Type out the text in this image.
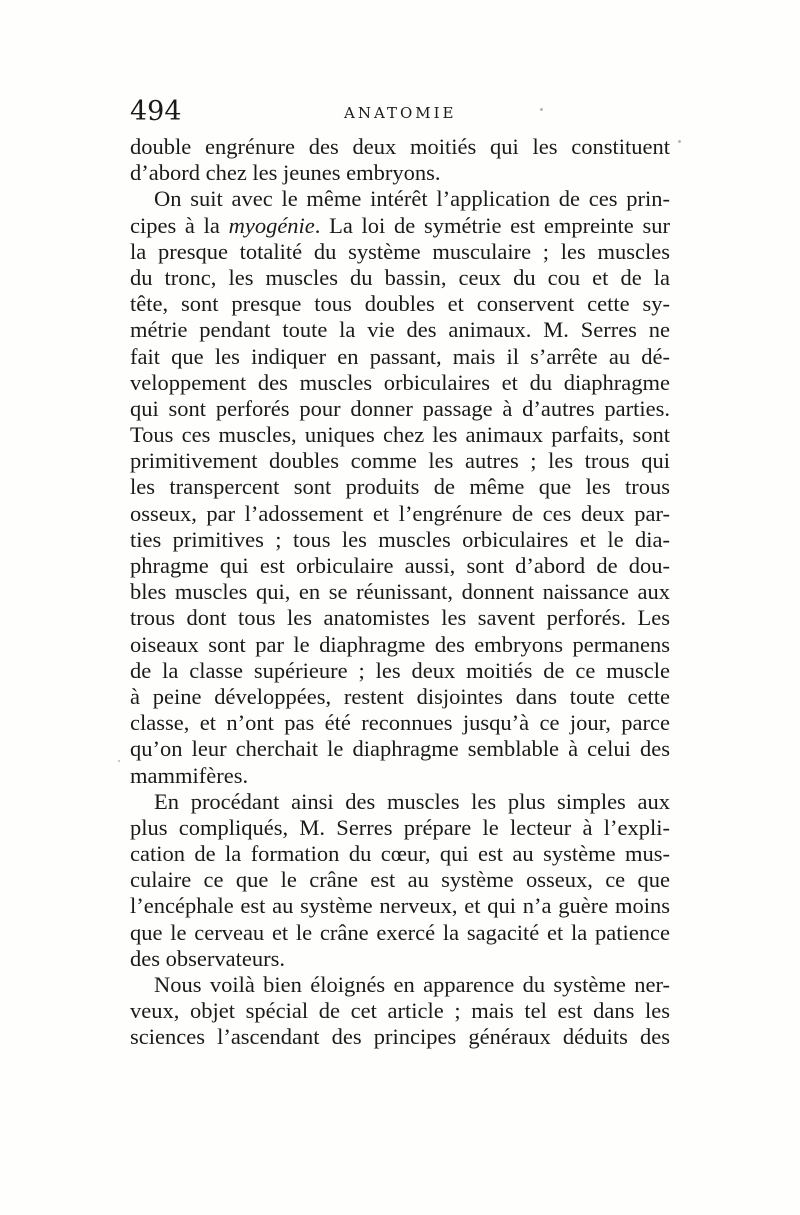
494	ANATOMIE
double engrénure des deux moitiés qui les constituent
d’abord chez les jeunes embryons.
On suit avec le même intérêt l’application de ces prin-
cipes à la myogénie. La loi de symétrie est empreinte sur
la presque totalité du système musculaire ; les muscles
du tronc, les muscles du bassin, ceux du cou et de la
tête, sont presque tous doubles et conservent cette sy-
métrie pendant toute la vie des animaux. M. Serres ne
fait que les indiquer en passant, mais il s’arrête au dé-
veloppement des muscles orbiculaires et du diaphragme
qui sont perforés pour donner passage à d’autres parties.
Tous ces muscles, uniques chez les animaux parfaits, sont
primitivement doubles comme les autres ; les trous qui
les transpercent sont produits de même que les trous
osseux, par l’adossement et l’engrénure de ces deux par-
ties primitives ; tous les muscles orbiculaires et le dia-
phragme qui est orbiculaire aussi, sont d’abord de dou-
bles muscles qui, en se réunissant, donnent naissance aux
trous dont tous les anatomistes les savent perforés. Les
oiseaux sont par le diaphragme des embryons permanens
de la classe supérieure ; les deux moitiés de ce muscle
à peine développées, restent disjointes dans toute cette
classe, et n’ont pas été reconnues jusqu’à ce jour, parce
qu’on leur cherchait le diaphragme semblable à celui des
mammifères.
En procédant ainsi des muscles les plus simples aux
plus compliqués, M. Serres prépare le lecteur à l’expli-
cation de la formation du cœur, qui est au système mus-
culaire ce que le crâne est au système osseux, ce que
l’encéphale est au système nerveux, et qui n’a guère moins
que le cerveau et le crâne exercé la sagacité et la patience
des observateurs.
Nous voilà bien éloignés en apparence du système ner-
veux, objet spécial de cet article ; mais tel est dans les
sciences l’ascendant des principes généraux déduits des
